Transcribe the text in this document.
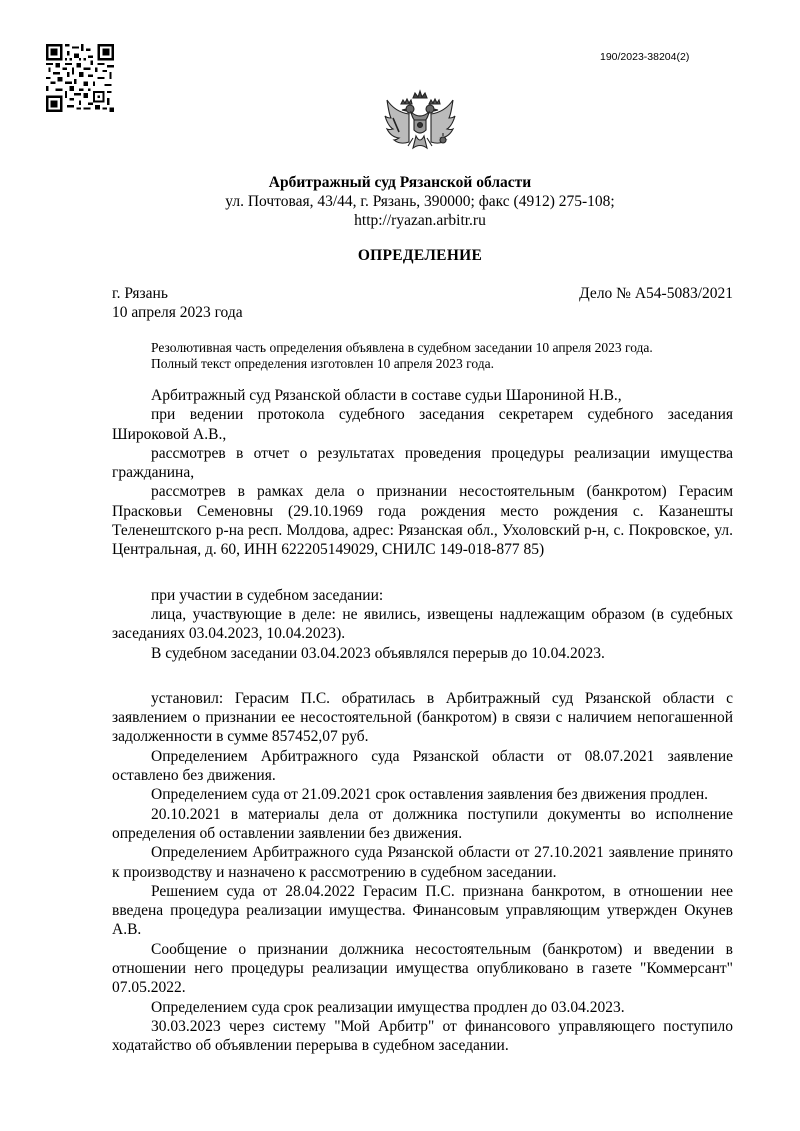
190/2023-38204(2)
Арбитражный суд Рязанской области
ул. Почтовая, 43/44, г. Рязань, 390000; факс (4912) 275-108;
http://ryazan.arbitr.ru
ОПРЕДЕЛЕНИЕ
г. Рязань
10 апреля 2023 года
Дело № А54-5083/2021
Резолютивная часть определения объявлена в судебном заседании 10 апреля 2023 года.
Полный текст определения изготовлен 10 апреля 2023 года.

Арбитражный суд Рязанской области в составе судьи Шарониной Н.В.,

при ведении протокола судебного заседания секретарем судебного заседания Широковой А.В.,

рассмотрев в отчет о результатах проведения процедуры реализации имущества гражданина,

рассмотрев в рамках дела о признании несостоятельным (банкротом) Герасим Прасковьи Семеновны (29.10.1969 года рождения место рождения с. Казанешты Теленештского р-на респ. Молдова, адрес: Рязанская обл., Ухоловский р-н, с. Покровское, ул. Центральная, д. 60, ИНН 622205149029, СНИЛС 149-018-877 85)

при участии в судебном заседании:

лица, участвующие в деле: не явились, извещены надлежащим образом (в судебных заседаниях 03.04.2023, 10.04.2023).

В судебном заседании 03.04.2023 объявлялся перерыв до 10.04.2023.

установил: Герасим П.С. обратилась в Арбитражный суд Рязанской области с заявлением о признании ее несостоятельной (банкротом) в связи с наличием непогашенной задолженности в сумме 857452,07 руб.

Определением Арбитражного суда Рязанской области от 08.07.2021 заявление оставлено без движения.

Определением суда от 21.09.2021 срок оставления заявления без движения продлен.

20.10.2021 в материалы дела от должника поступили документы во исполнение определения об оставлении заявлении без движения.

Определением Арбитражного суда Рязанской области от 27.10.2021 заявление принято к производству и назначено к рассмотрению в судебном заседании.

Решением суда от 28.04.2022 Герасим П.С. признана банкротом, в отношении нее введена процедура реализации имущества. Финансовым управляющим утвержден Окунев А.В.

Сообщение о признании должника несостоятельным (банкротом) и введении в отношении него процедуры реализации имущества опубликовано в газете "Коммерсант" 07.05.2022.

Определением суда срок реализации имущества продлен до 03.04.2023.

30.03.2023 через систему "Мой Арбитр" от финансового управляющего поступило ходатайство об объявлении перерыва в судебном заседании.
